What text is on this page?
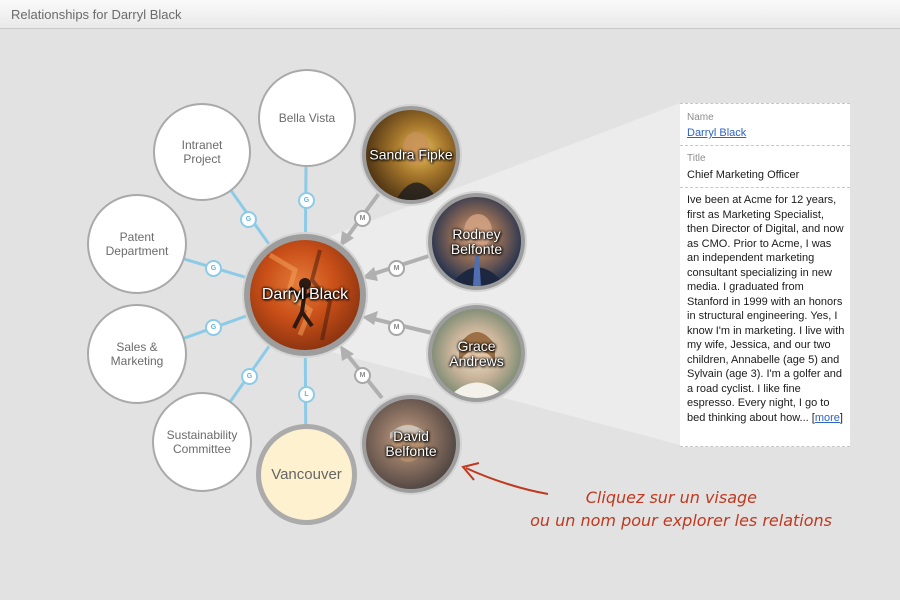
Relationships for Darryl Black
Bella Vista
Intranet Project
Patent Department
Sales & Marketing
Sustainability Committee
Vancouver
Darryl Black
Sandra Fipke
Rodney Belfonte
Grace Andrews
David Belfonte
G
G
G
G
G
L
M
M
M
M
Name
Darryl Black
Title
Chief Marketing Officer
Ive been at Acme for 12 years, first as Marketing Specialist, then Director of Digital, and now as CMO. Prior to Acme, I was an independent marketing consultant specializing in new media. I graduated from Stanford in 1999 with an honors in structural engineering. Yes, I know I'm in marketing. I live with my wife, Jessica, and our two children, Annabelle (age 5) and Sylvain (age 3). I'm a golfer and a road cyclist. I like fine espresso. Every night, I go to bed thinking about how... [more]
Cliquez sur un visage
ou un nom pour explorer les relations
